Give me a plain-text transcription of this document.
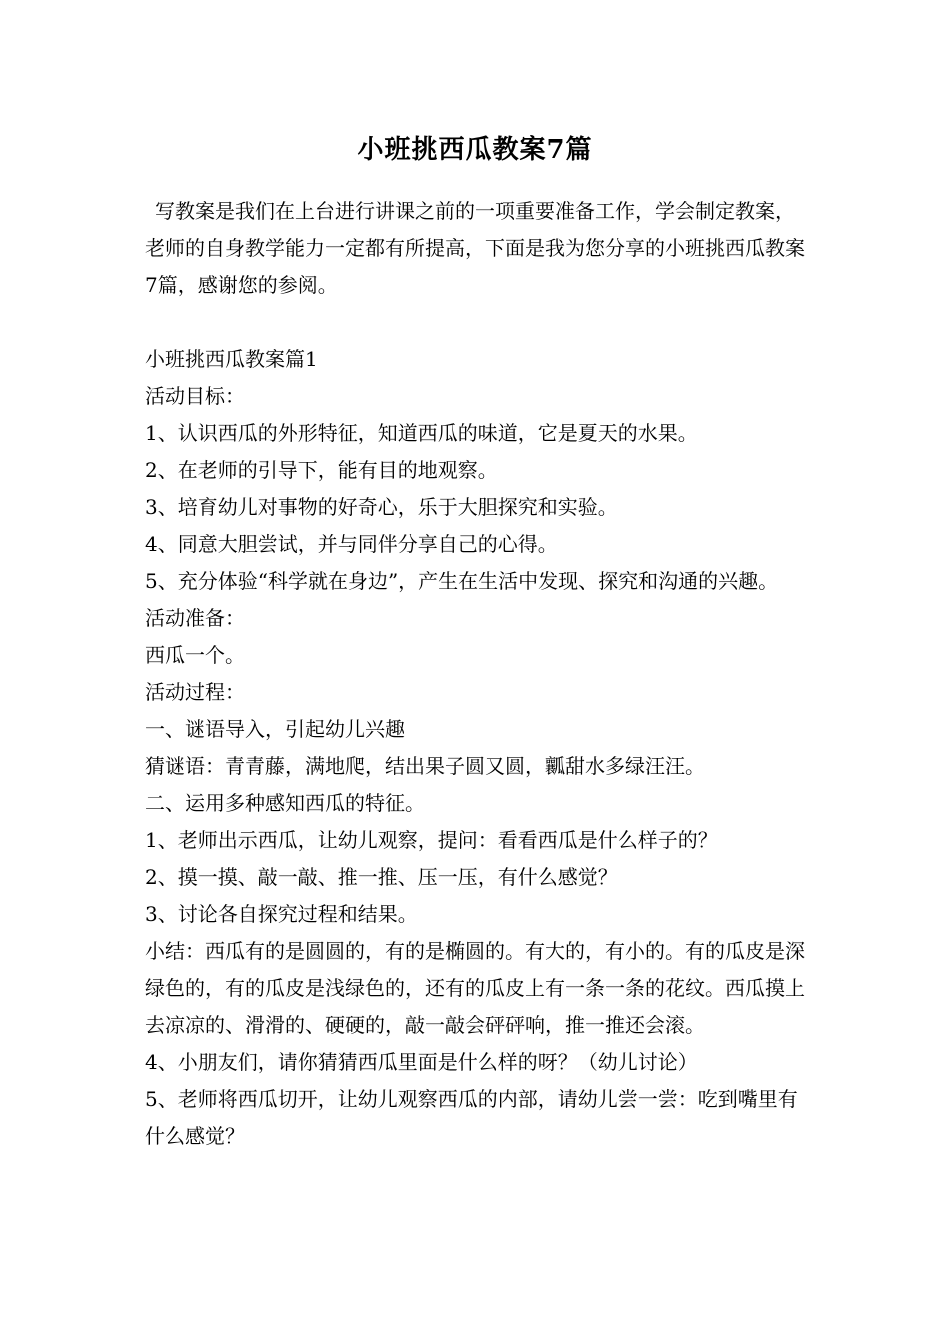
小班挑西瓜教案7篇

写教案是我们在上台进行讲课之前的一项重要准备工作，学会制定教案，老师的自身教学能力一定都有所提高，下面是我为您分享的小班挑西瓜教案7篇，感谢您的参阅。

小班挑西瓜教案篇1

活动目标：

1、认识西瓜的外形特征，知道西瓜的味道，它是夏天的水果。

2、在老师的引导下，能有目的地观察。

3、培育幼儿对事物的好奇心，乐于大胆探究和实验。

4、同意大胆尝试，并与同伴分享自己的心得。

5、充分体验“科学就在身边”，产生在生活中发现、探究和沟通的兴趣。

活动准备：

西瓜一个。

活动过程：

一、谜语导入，引起幼儿兴趣

猜谜语：青青藤，满地爬，结出果子圆又圆，瓤甜水多绿汪汪。

二、运用多种感知西瓜的特征。

1、老师出示西瓜，让幼儿观察，提问：看看西瓜是什么样子的？

2、摸一摸、敲一敲、推一推、压一压，有什么感觉？

3、讨论各自探究过程和结果。

小结：西瓜有的是圆圆的，有的是椭圆的。有大的，有小的。有的瓜皮是深绿色的，有的瓜皮是浅绿色的，还有的瓜皮上有一条一条的花纹。西瓜摸上去凉凉的、滑滑的、硬硬的，敲一敲会砰砰响，推一推还会滚。

4、小朋友们，请你猜猜西瓜里面是什么样的呀？（幼儿讨论）

5、老师将西瓜切开，让幼儿观察西瓜的内部，请幼儿尝一尝：吃到嘴里有什么感觉？
